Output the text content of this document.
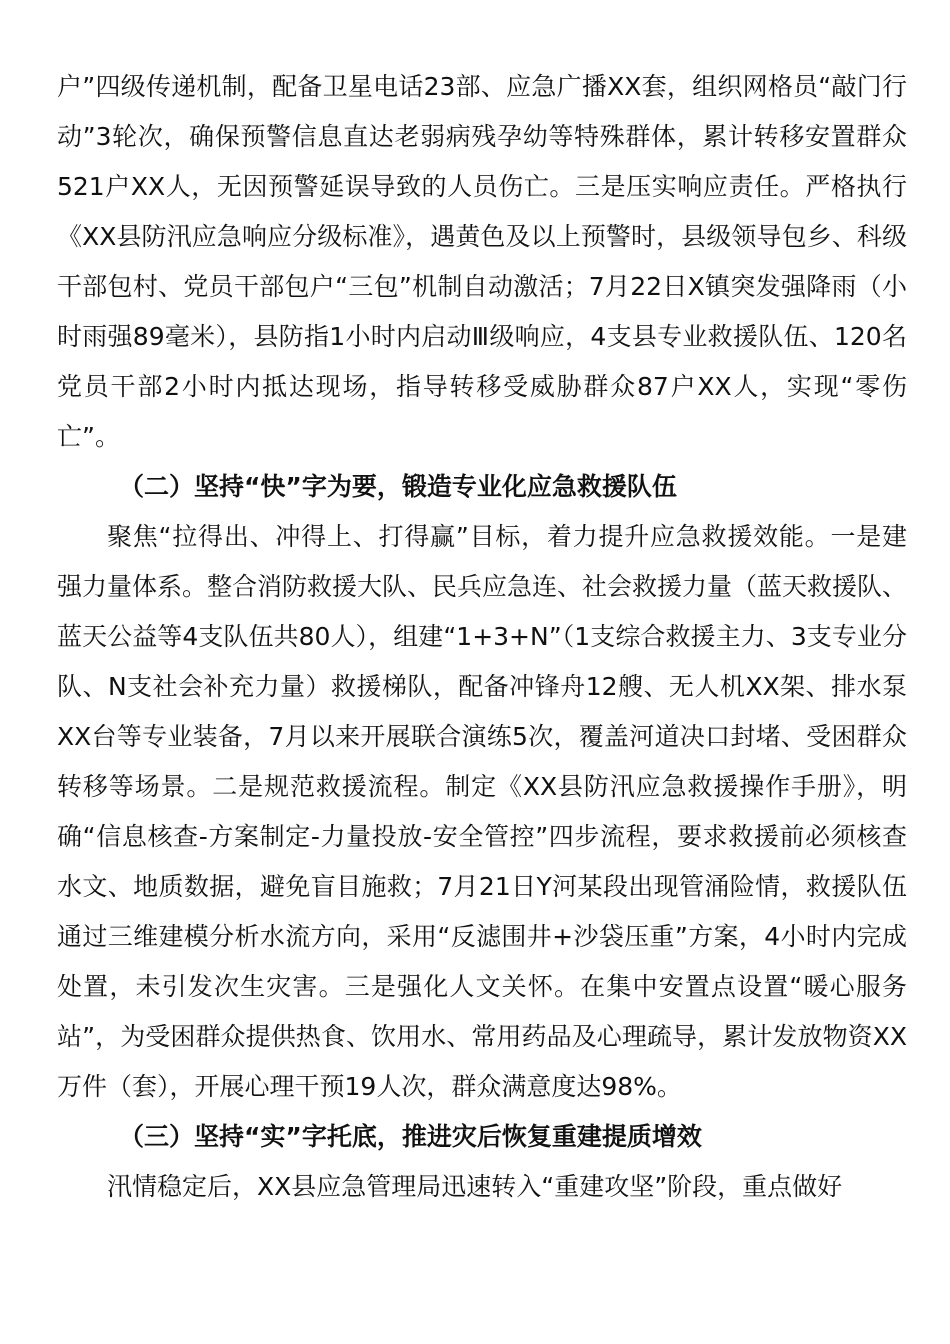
户”四级传递机制，配备卫星电话23部、应急广播XX套，组织网格员“敲门行动”3轮次，确保预警信息直达老弱病残孕幼等特殊群体，累计转移安置群众521户XX人，无因预警延误导致的人员伤亡。三是压实响应责任。严格执行《XX县防汛应急响应分级标准》，遇黄色及以上预警时，县级领导包乡、科级干部包村、党员干部包户“三包”机制自动激活；7月22日X镇突发强降雨（小时雨强89毫米），县防指1小时内启动Ⅲ级响应，4支县专业救援队伍、120名党员干部2小时内抵达现场，指导转移受威胁群众87户XX人，实现“零伤亡”。

（二）坚持“快”字为要，锻造专业化应急救援队伍

聚焦“拉得出、冲得上、打得赢”目标，着力提升应急救援效能。一是建强力量体系。整合消防救援大队、民兵应急连、社会救援力量（蓝天救援队、蓝天公益等4支队伍共80人），组建“1+3+N”（1支综合救援主力、3支专业分队、N支社会补充力量）救援梯队，配备冲锋舟12艘、无人机XX架、排水泵XX台等专业装备，7月以来开展联合演练5次，覆盖河道决口封堵、受困群众转移等场景。二是规范救援流程。制定《XX县防汛应急救援操作手册》，明确“信息核查-方案制定-力量投放-安全管控”四步流程，要求救援前必须核查水文、地质数据，避免盲目施救；7月21日Y河某段出现管涌险情，救援队伍通过三维建模分析水流方向，采用“反滤围井+沙袋压重”方案，4小时内完成处置，未引发次生灾害。三是强化人文关怀。在集中安置点设置“暖心服务站”，为受困群众提供热食、饮用水、常用药品及心理疏导，累计发放物资XX万件（套），开展心理干预19人次，群众满意度达98%。

（三）坚持“实”字托底，推进灾后恢复重建提质增效

汛情稳定后，XX县应急管理局迅速转入“重建攻坚”阶段，重点做好
